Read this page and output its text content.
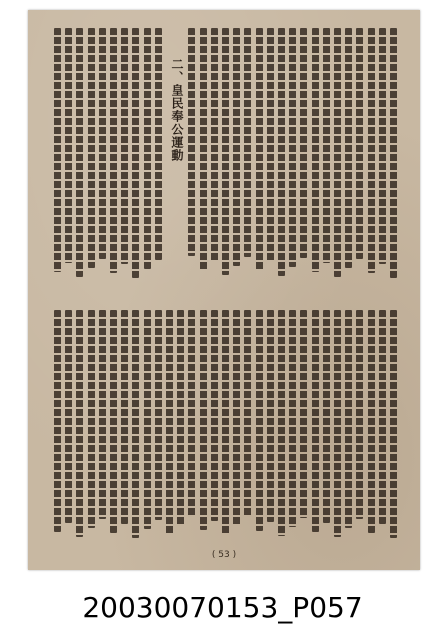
二、皇民奉公運動
( 53 )
20030070153_P057
